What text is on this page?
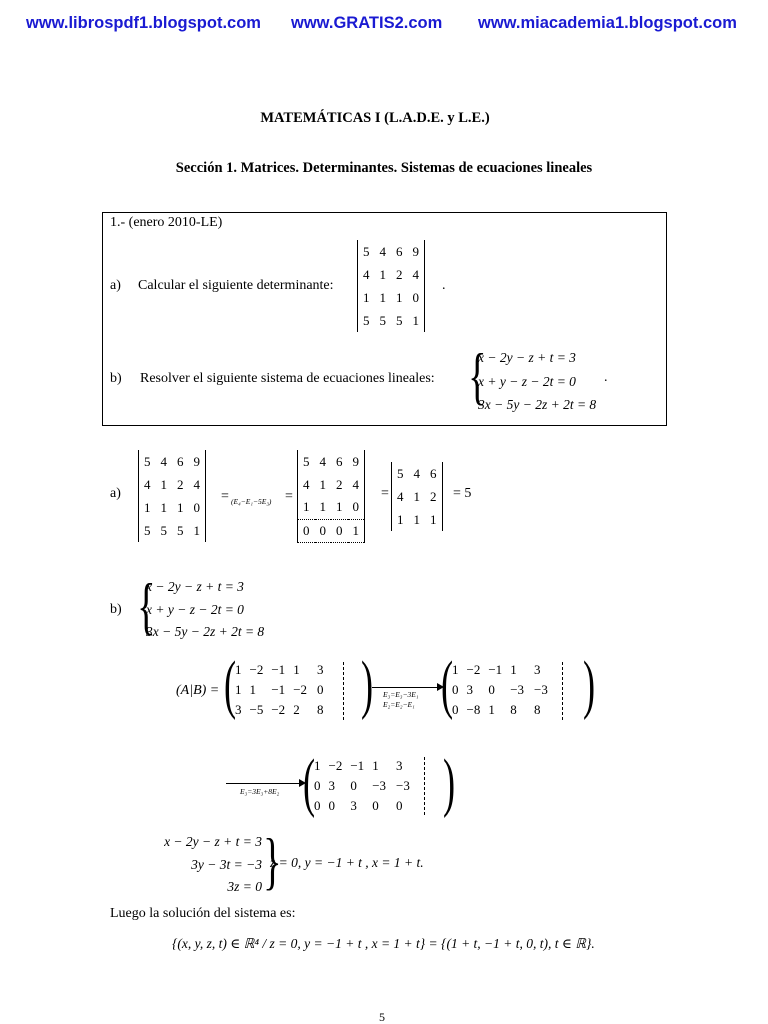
www.librospdf1.blogspot.com www.GRATIS2.com www.miacademia1.blogspot.com
MATEMÁTICAS I (L.A.D.E. y L.E.)
Sección 1. Matrices. Determinantes. Sistemas de ecuaciones lineales
1.- (enero 2010-LE)
a) Calcular el siguiente determinante:
5	4	6	9
4	1	2	4
1	1	1	0
5	5	5	1
.
b) Resolver el siguiente sistema de ecuaciones lineales: {
x − 2y − z + t = 3
x + y − z − 2t = 0
3x − 5y − 2z + 2t = 8
.
a)
5	4	6	9
4	1	2	4
1	1	1	0
5	5	5	1
= (E₄−E₁−5E₃) =
5	4	6	9
4	1	2	4
1	1	1	0
0	0	0	1
=
5	4	6
4	1	2
1	1	1
= 5
b) {
x − 2y − z + t = 3
x + y − z − 2t = 0
3x − 5y − 2z + 2t = 8
(A|B) = (
1	−2	−1	1	3
1	1	−1	−2	0
3	−5	−2	2	8 ) E₃=E₃−3E₁
E₂=E₂−E₁ (
1	−2	−1	1	3
0	3	0	−3	−3
0	−8	1	8	8 )
E₃=3E₃+8E₂ (
1	−2	−1	1	3
0	3	0	−3	−3
0	0	3	0	0 )
x − 2y − z + t = 3
3y − 3t = −3
3z = 0 }
z = 0, y = −1 + t , x = 1 + t.
Luego la solución del sistema es:
{(x, y, z, t) ∈ ℝ⁴ / z = 0, y = −1 + t , x = 1 + t} = {(1 + t, −1 + t, 0, t), t ∈ ℝ}.
5
